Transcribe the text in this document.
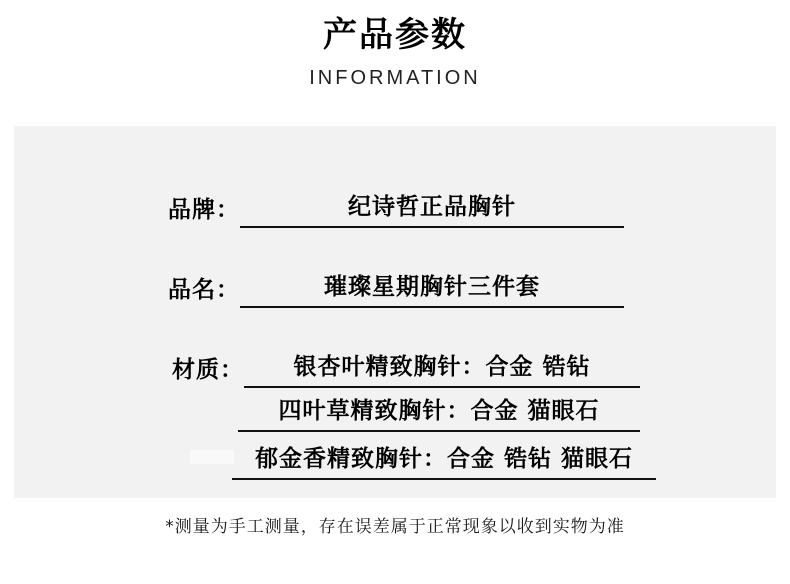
产品参数
INFORMATION
品牌：	纪诗哲正品胸针
品名：	璀璨星期胸针三件套
材质： 银杏叶精致胸针：合金 锆钻
四叶草精致胸针：合金 猫眼石
郁金香精致胸针：合金 锆钻 猫眼石
*测量为手工测量，存在误差属于正常现象以收到实物为准
